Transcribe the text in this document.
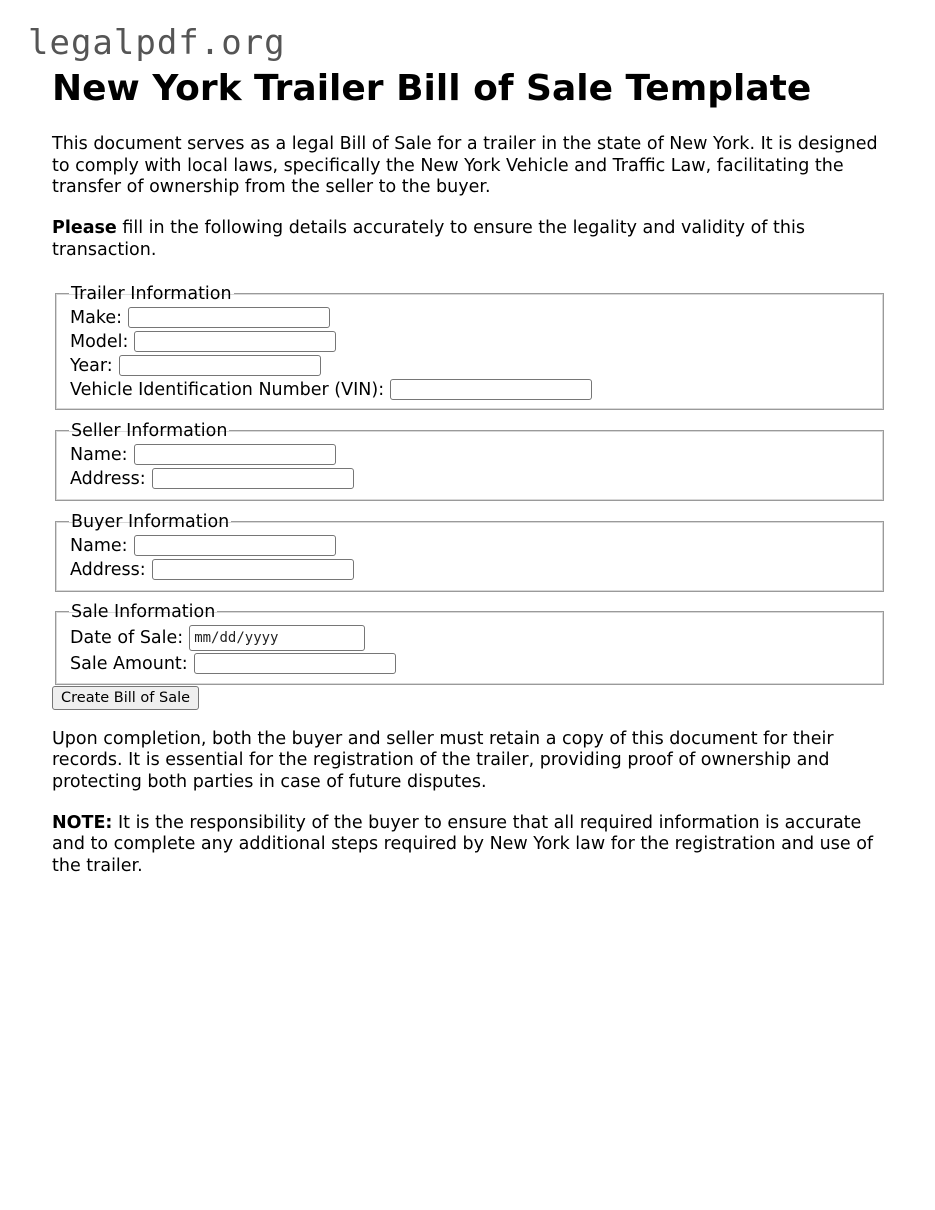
legalpdf.org
New York Trailer Bill of Sale Template

This document serves as a legal Bill of Sale for a trailer in the state of New York. It is designed to comply with local laws, specifically the New York Vehicle and Traffic Law, facilitating the transfer of ownership from the seller to the buyer.

Please fill in the following details accurately to ensure the legality and validity of this transaction.

Trailer Information
Make:
Model:
Year:
Vehicle Identification Number (VIN):
Seller Information
Name:
Address:
Buyer Information
Name:
Address:
Sale Information
Date of Sale: mm/dd/yyyy
Sale Amount:
Create Bill of Sale

Upon completion, both the buyer and seller must retain a copy of this document for their records. It is essential for the registration of the trailer, providing proof of ownership and protecting both parties in case of future disputes.

NOTE: It is the responsibility of the buyer to ensure that all required information is accurate and to complete any additional steps required by New York law for the registration and use of the trailer.
